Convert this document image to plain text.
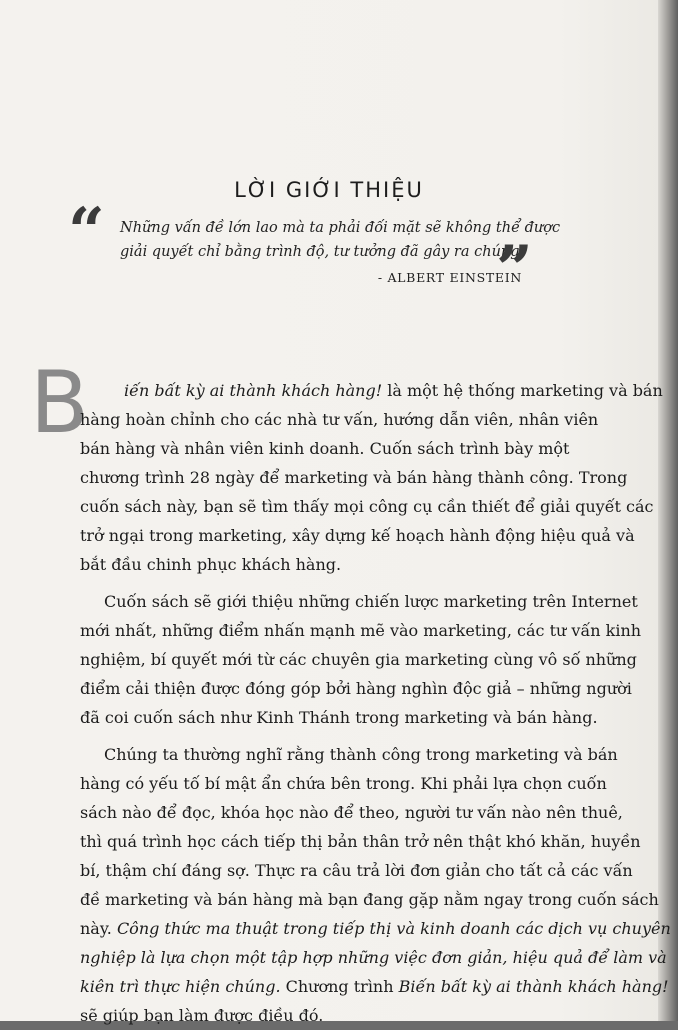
LỜI GIỚI THIỆU
“ Những vấn đề lớn lao mà ta phải đối mặt sẽ không thể được
giải quyết chỉ bằng trình độ, tư tưởng đã gây ra chúng.
”
- ALBERT EINSTEIN
B	iến bất kỳ ai thành khách hàng! là một hệ thống marketing và bán
hàng hoàn chỉnh cho các nhà tư vấn, hướng dẫn viên, nhân viên
bán hàng và nhân viên kinh doanh. Cuốn sách trình bày một
chương trình 28 ngày để marketing và bán hàng thành công. Trong
cuốn sách này, bạn sẽ tìm thấy mọi công cụ cần thiết để giải quyết các
trở ngại trong marketing, xây dựng kế hoạch hành động hiệu quả và
bắt đầu chinh phục khách hàng.

Cuốn sách sẽ giới thiệu những chiến lược marketing trên Internet
mới nhất, những điểm nhấn mạnh mẽ vào marketing, các tư vấn kinh
nghiệm, bí quyết mới từ các chuyên gia marketing cùng vô số những
điểm cải thiện được đóng góp bởi hàng nghìn độc giả – những người
đã coi cuốn sách như Kinh Thánh trong marketing và bán hàng.

Chúng ta thường nghĩ rằng thành công trong marketing và bán
hàng có yếu tố bí mật ẩn chứa bên trong. Khi phải lựa chọn cuốn
sách nào để đọc, khóa học nào để theo, người tư vấn nào nên thuê,
thì quá trình học cách tiếp thị bản thân trở nên thật khó khăn, huyền
bí, thậm chí đáng sợ. Thực ra câu trả lời đơn giản cho tất cả các vấn
đề marketing và bán hàng mà bạn đang gặp nằm ngay trong cuốn sách
này. Công thức ma thuật trong tiếp thị và kinh doanh các dịch vụ chuyên
nghiệp là lựa chọn một tập hợp những việc đơn giản, hiệu quả để làm và
kiên trì thực hiện chúng. Chương trình Biến bất kỳ ai thành khách hàng!
sẽ giúp bạn làm được điều đó.
